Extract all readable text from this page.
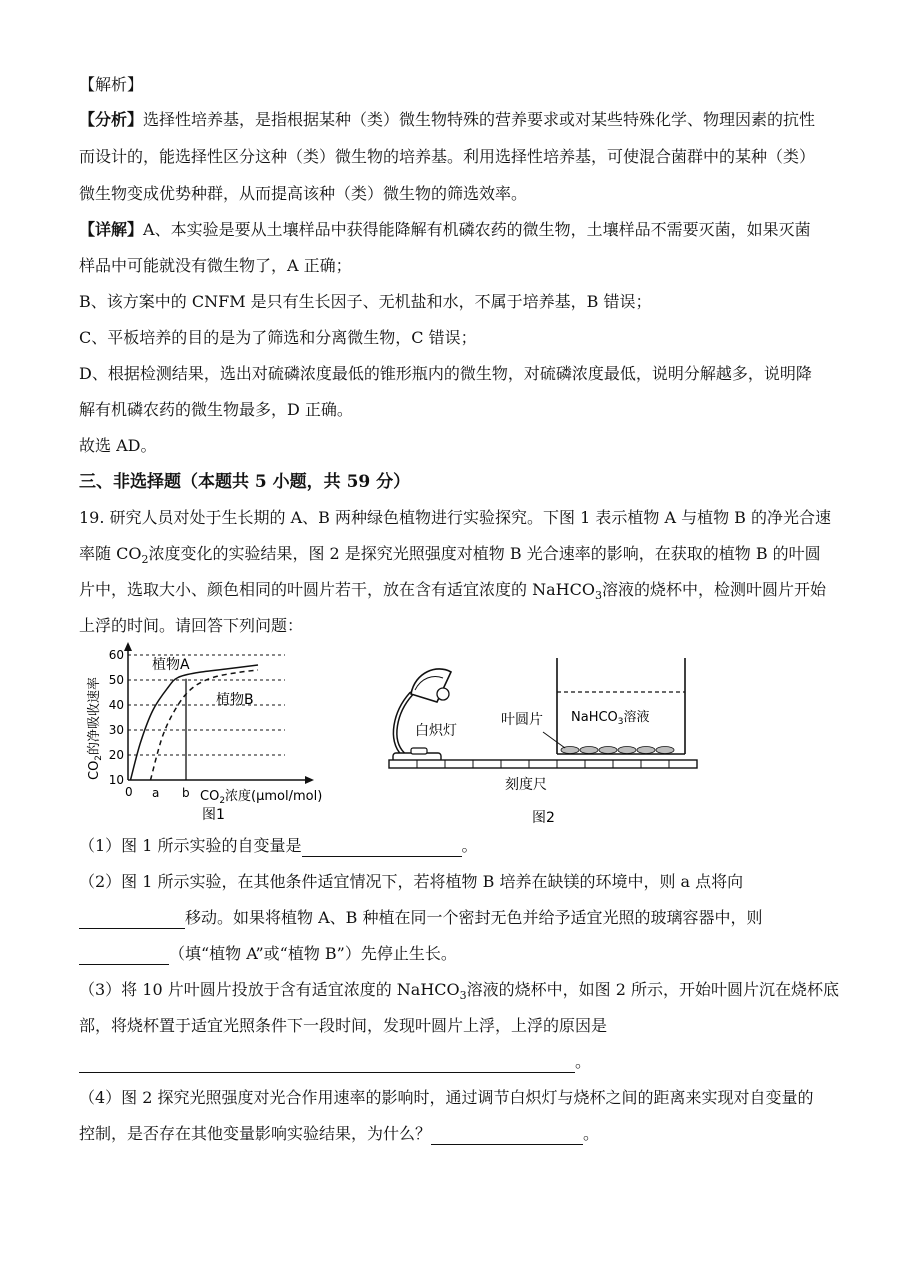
【解析】
【分析】选择性培养基，是指根据某种（类）微生物特殊的营养要求或对某些特殊化学、物理因素的抗性
而设计的，能选择性区分这种（类）微生物的培养基。利用选择性培养基，可使混合菌群中的某种（类）
微生物变成优势种群，从而提高该种（类）微生物的筛选效率。
【详解】A、本实验是要从土壤样品中获得能降解有机磷农药的微生物，土壤样品不需要灭菌，如果灭菌
样品中可能就没有微生物了，A 正确；
B、该方案中的 CNFM 是只有生长因子、无机盐和水，不属于培养基，B 错误；
C、平板培养的目的是为了筛选和分离微生物，C 错误；
D、根据检测结果，选出对硫磷浓度最低的锥形瓶内的微生物，对硫磷浓度最低，说明分解越多，说明降
解有机磷农药的微生物最多，D 正确。
故选 AD。
三、非选择题（本题共 5 小题，共 59 分）
19. 研究人员对处于生长期的 A、B 两种绿色植物进行实验探究。下图 1 表示植物 A 与植物 B 的净光合速
率随 $CO_2$浓度变化的实验结果，图 2 是探究光照强度对植物 B 光合速率的影响，在获取的植物 B 的叶圆
片中，选取大小、颜色相同的叶圆片若干，放在含有适宜浓度的 NaHCO$_3$溶液的烧杯中，检测叶圆片开始
上浮的时间。请回答下列问题：
10
20
30
40
50
60
植物A
植物B
0 a b $CO_2$浓度(μmol/mol)
$CO_2$的净吸收速率
图1
白炽灯
NaHCO$_3$溶液
叶圆片
刻度尺
图2
（1）图 1 所示实验的自变量是	。
（2）图 1 所示实验，在其他条件适宜情况下，若将植物 B 培养在缺镁的环境中，则 a 点将向
移动。如果将植物 A、B 种植在同一个密封无色并给予适宜光照的玻璃容器中，则
（填“植物 A”或“植物 B”）先停止生长。
（3）将 10 片叶圆片投放于含有适宜浓度的 NaHCO$_3$溶液的烧杯中，如图 2 所示，开始叶圆片沉在烧杯底
部，将烧杯置于适宜光照条件下一段时间，发现叶圆片上浮，上浮的原因是
。
（4）图 2 探究光照强度对光合作用速率的影响时，通过调节白炽灯与烧杯之间的距离来实现对自变量的
控制，是否存在其他变量影响实验结果，为什么？	。
